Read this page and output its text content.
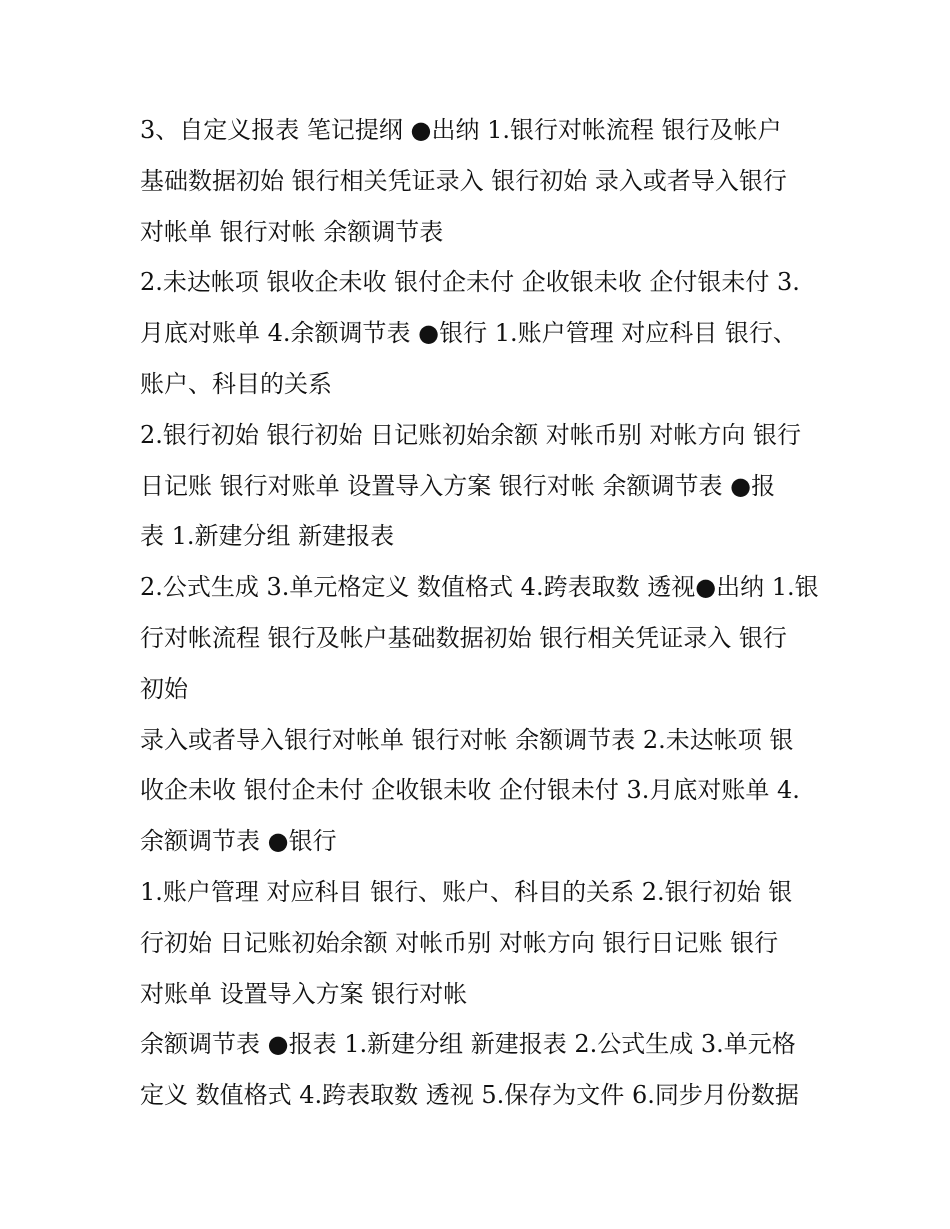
3、自定义报表 笔记提纲 ●出纳 1.银行对帐流程 银行及帐户
基础数据初始 银行相关凭证录入 银行初始 录入或者导入银行
对帐单 银行对帐 余额调节表
2.未达帐项 银收企未收 银付企未付 企收银未收 企付银未付 3.
月底对账单 4.余额调节表 ●银行 1.账户管理 对应科目 银行、
账户、科目的关系
2.银行初始 银行初始 日记账初始余额 对帐币别 对帐方向 银行
日记账 银行对账单 设置导入方案 银行对帐 余额调节表 ●报
表 1.新建分组 新建报表
2.公式生成 3.单元格定义 数值格式 4.跨表取数 透视●出纳 1.银
行对帐流程 银行及帐户基础数据初始 银行相关凭证录入 银行
初始
录入或者导入银行对帐单 银行对帐 余额调节表 2.未达帐项 银
收企未收 银付企未付 企收银未收 企付银未付 3.月底对账单 4.
余额调节表 ●银行
1.账户管理 对应科目 银行、账户、科目的关系 2.银行初始 银
行初始 日记账初始余额 对帐币别 对帐方向 银行日记账 银行
对账单 设置导入方案 银行对帐
余额调节表 ●报表 1.新建分组 新建报表 2.公式生成 3.单元格
定义 数值格式 4.跨表取数 透视 5.保存为文件 6.同步月份数据
